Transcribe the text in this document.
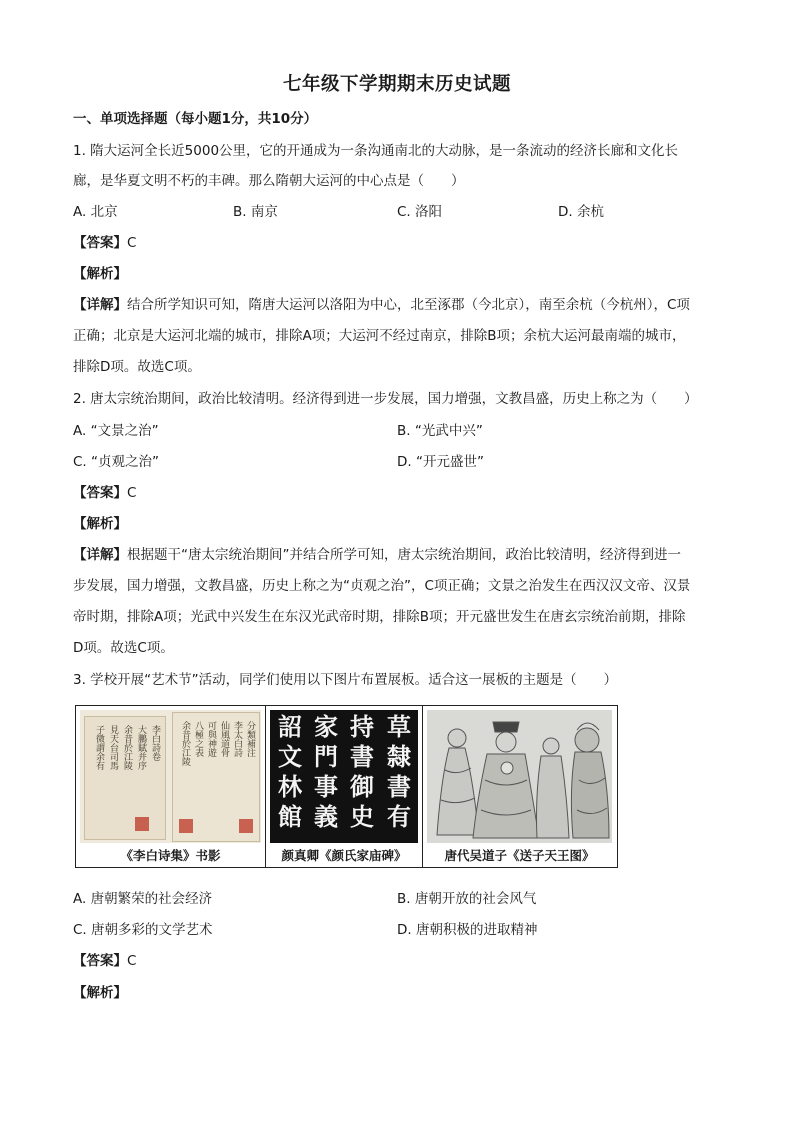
七年级下学期期末历史试题
一、单项选择题（每小题1分，共10分）
1. 隋大运河全长近5000公里，它的开通成为一条沟通南北的大动脉，是一条流动的经济长廊和文化长
廊，是华夏文明不朽的丰碑。那么隋朝大运河的中心点是（　　）
A. 北京	B. 南京	C. 洛阳	D. 余杭
【答案】C
【解析】
【详解】结合所学知识可知，隋唐大运河以洛阳为中心，北至涿郡（今北京），南至余杭（今杭州），C项
正确；北京是大运河北端的城市，排除A项；大运河不经过南京，排除B项；余杭大运河最南端的城市，
排除D项。故选C项。
2. 唐太宗统治期间，政治比较清明。经济得到进一步发展，国力增强，文教昌盛，历史上称之为（　　）
A. “文景之治”	B. “光武中兴”
C. “贞观之治”	D. “开元盛世”
【答案】C
【解析】
【详解】根据题干“唐太宗统治期间”并结合所学可知，唐太宗统治期间，政治比较清明，经济得到进一
步发展，国力增强，文教昌盛，历史上称之为“贞观之治”，C项正确；文景之治发生在西汉汉文帝、汉景
帝时期，排除A项；光武中兴发生在东汉光武帝时期，排除B项；开元盛世发生在唐玄宗统治前期，排除
D项。故选C项。
3. 学校开展“艺术节”活动，同学们使用以下图片布置展板。适合这一展板的主题是（　　）
李白詩卷
大鵬賦并序
余昔於江陵
見天台司馬
子微謂余有	分類補注
李太白詩
仙風道骨
可與神遊
八極之表
余昔於江陵
《李白诗集》书影
草
隸
書
有
持
書
御
史
家
門
事
義
詔
文
林
館
颜真卿《颜氏家庙碑》	唐代吴道子《送子天王图》
A. 唐朝繁荣的社会经济	B. 唐朝开放的社会风气
C. 唐朝多彩的文学艺术	D. 唐朝积极的进取精神
【答案】C
【解析】
